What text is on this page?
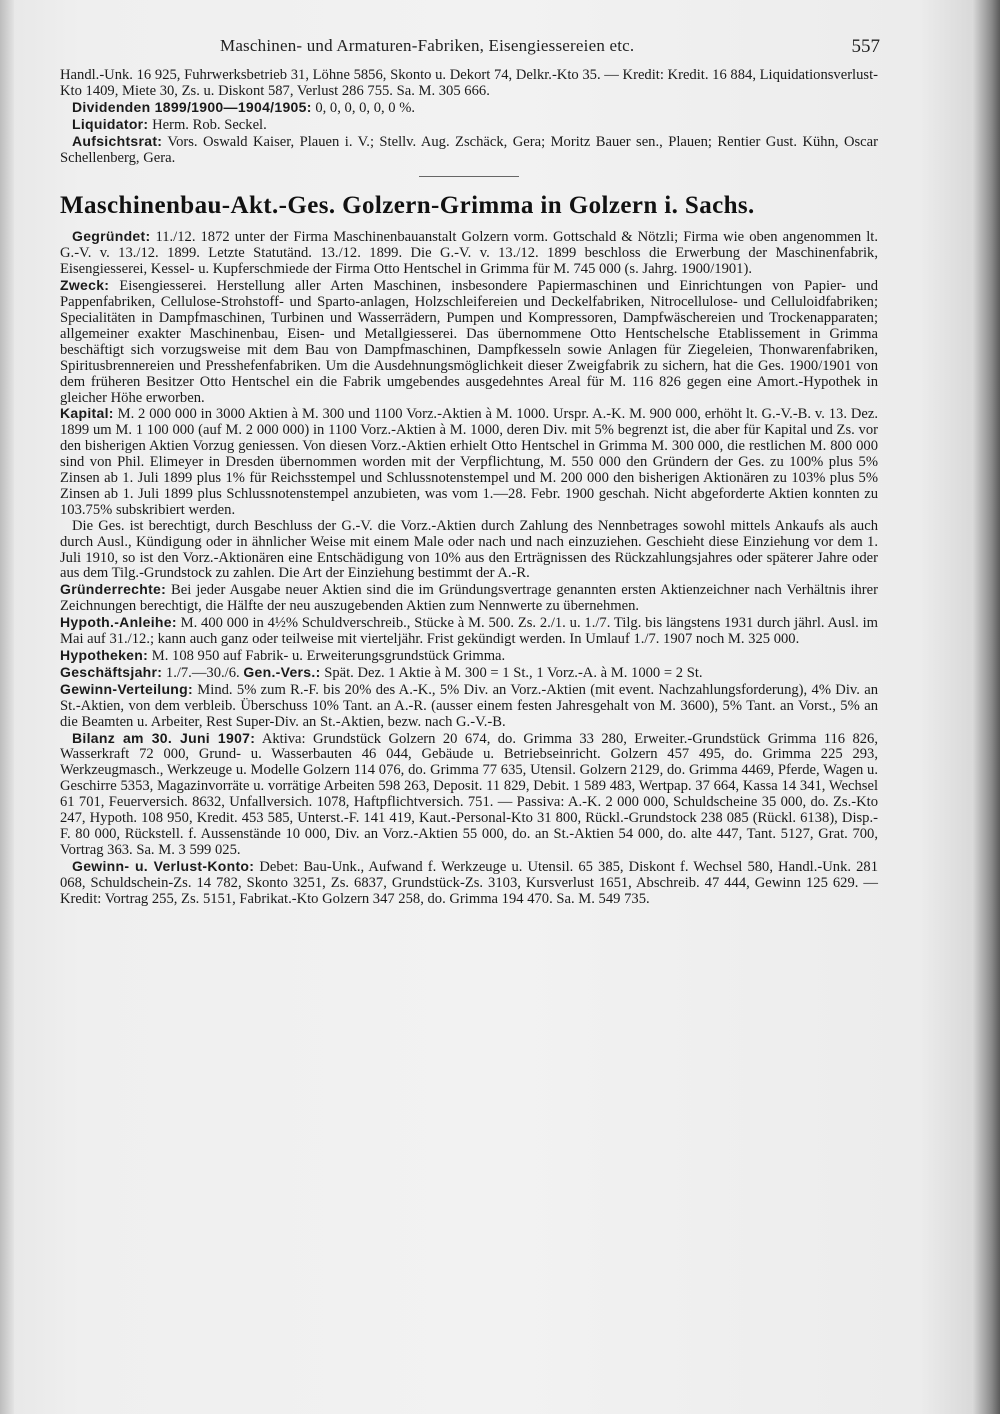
Maschinen- und Armaturen-Fabriken, Eisengiessereien etc.	557

Handl.-Unk. 16 925, Fuhrwerksbetrieb 31, Löhne 5856, Skonto u. Dekort 74, Delkr.-Kto 35. — Kredit: Kredit. 16 884, Liquidationsverlust-Kto 1409, Miete 30, Zs. u. Diskont 587, Verlust 286 755. Sa. M. 305 666.

Dividenden 1899/1900—1904/1905: 0, 0, 0, 0, 0, 0 %.

Liquidator: Herm. Rob. Seckel.

Aufsichtsrat: Vors. Oswald Kaiser, Plauen i. V.; Stellv. Aug. Zschäck, Gera; Moritz Bauer sen., Plauen; Rentier Gust. Kühn, Oscar Schellenberg, Gera.

Maschinenbau-Akt.-Ges. Golzern-Grimma in Golzern i. Sachs.

Gegründet: 11./12. 1872 unter der Firma Maschinenbauanstalt Golzern vorm. Gottschald & Nötzli; Firma wie oben angenommen lt. G.-V. v. 13./12. 1899. Letzte Statutänd. 13./12. 1899. Die G.-V. v. 13./12. 1899 beschloss die Erwerbung der Maschinenfabrik, Eisengiesserei, Kessel- u. Kupferschmiede der Firma Otto Hentschel in Grimma für M. 745 000 (s. Jahrg. 1900/1901).

Zweck: Eisengiesserei. Herstellung aller Arten Maschinen, insbesondere Papiermaschinen und Einrichtungen von Papier- und Pappenfabriken, Cellulose-Strohstoff- und Sparto-anlagen, Holzschleifereien und Deckelfabriken, Nitrocellulose- und Celluloidfabriken; Specialitäten in Dampfmaschinen, Turbinen und Wasserrädern, Pumpen und Kompressoren, Dampfwäschereien und Trockenapparaten; allgemeiner exakter Maschinenbau, Eisen- und Metallgiesserei. Das übernommene Otto Hentschelsche Etablissement in Grimma beschäftigt sich vorzugsweise mit dem Bau von Dampfmaschinen, Dampfkesseln sowie Anlagen für Ziegeleien, Thonwarenfabriken, Spiritusbrennereien und Presshefenfabriken. Um die Ausdehnungsmöglichkeit dieser Zweigfabrik zu sichern, hat die Ges. 1900/1901 von dem früheren Besitzer Otto Hentschel ein die Fabrik umgebendes ausgedehntes Areal für M. 116 826 gegen eine Amort.-Hypothek in gleicher Höhe erworben.

Kapital: M. 2 000 000 in 3000 Aktien à M. 300 und 1100 Vorz.-Aktien à M. 1000. Urspr. A.-K. M. 900 000, erhöht lt. G.-V.-B. v. 13. Dez. 1899 um M. 1 100 000 (auf M. 2 000 000) in 1100 Vorz.-Aktien à M. 1000, deren Div. mit 5% begrenzt ist, die aber für Kapital und Zs. vor den bisherigen Aktien Vorzug geniessen. Von diesen Vorz.-Aktien erhielt Otto Hentschel in Grimma M. 300 000, die restlichen M. 800 000 sind von Phil. Elimeyer in Dresden übernommen worden mit der Verpflichtung, M. 550 000 den Gründern der Ges. zu 100% plus 5% Zinsen ab 1. Juli 1899 plus 1% für Reichsstempel und Schlussnotenstempel und M. 200 000 den bisherigen Aktionären zu 103% plus 5% Zinsen ab 1. Juli 1899 plus Schlussnotenstempel anzubieten, was vom 1.—28. Febr. 1900 geschah. Nicht abgeforderte Aktien konnten zu 103.75% subskribiert werden.

Die Ges. ist berechtigt, durch Beschluss der G.-V. die Vorz.-Aktien durch Zahlung des Nennbetrages sowohl mittels Ankaufs als auch durch Ausl., Kündigung oder in ähnlicher Weise mit einem Male oder nach und nach einzuziehen. Geschieht diese Einziehung vor dem 1. Juli 1910, so ist den Vorz.-Aktionären eine Entschädigung von 10% aus den Erträgnissen des Rückzahlungsjahres oder späterer Jahre oder aus dem Tilg.-Grundstock zu zahlen. Die Art der Einziehung bestimmt der A.-R.

Gründerrechte: Bei jeder Ausgabe neuer Aktien sind die im Gründungsvertrage genannten ersten Aktienzeichner nach Verhältnis ihrer Zeichnungen berechtigt, die Hälfte der neu auszugebenden Aktien zum Nennwerte zu übernehmen.

Hypoth.-Anleihe: M. 400 000 in 4½% Schuldverschreib., Stücke à M. 500. Zs. 2./1. u. 1./7. Tilg. bis längstens 1931 durch jährl. Ausl. im Mai auf 31./12.; kann auch ganz oder teilweise mit vierteljähr. Frist gekündigt werden. In Umlauf 1./7. 1907 noch M. 325 000.

Hypotheken: M. 108 950 auf Fabrik- u. Erweiterungsgrundstück Grimma.

Geschäftsjahr: 1./7.—30./6. Gen.-Vers.: Spät. Dez. 1 Aktie à M. 300 = 1 St., 1 Vorz.-A. à M. 1000 = 2 St.

Gewinn-Verteilung: Mind. 5% zum R.-F. bis 20% des A.-K., 5% Div. an Vorz.-Aktien (mit event. Nachzahlungsforderung), 4% Div. an St.-Aktien, von dem verbleib. Überschuss 10% Tant. an A.-R. (ausser einem festen Jahresgehalt von M. 3600), 5% Tant. an Vorst., 5% an die Beamten u. Arbeiter, Rest Super-Div. an St.-Aktien, bezw. nach G.-V.-B.

Bilanz am 30. Juni 1907: Aktiva: Grundstück Golzern 20 674, do. Grimma 33 280, Erweiter.-Grundstück Grimma 116 826, Wasserkraft 72 000, Grund- u. Wasserbauten 46 044, Gebäude u. Betriebseinricht. Golzern 457 495, do. Grimma 225 293, Werkzeugmasch., Werkzeuge u. Modelle Golzern 114 076, do. Grimma 77 635, Utensil. Golzern 2129, do. Grimma 4469, Pferde, Wagen u. Geschirre 5353, Magazinvorräte u. vorrätige Arbeiten 598 263, Deposit. 11 829, Debit. 1 589 483, Wertpap. 37 664, Kassa 14 341, Wechsel 61 701, Feuerversich. 8632, Unfallversich. 1078, Haftpflichtversich. 751. — Passiva: A.-K. 2 000 000, Schuldscheine 35 000, do. Zs.-Kto 247, Hypoth. 108 950, Kredit. 453 585, Unterst.-F. 141 419, Kaut.-Personal-Kto 31 800, Rückl.-Grundstock 238 085 (Rückl. 6138), Disp.-F. 80 000, Rückstell. f. Aussenstände 10 000, Div. an Vorz.-Aktien 55 000, do. an St.-Aktien 54 000, do. alte 447, Tant. 5127, Grat. 700, Vortrag 363. Sa. M. 3 599 025.

Gewinn- u. Verlust-Konto: Debet: Bau-Unk., Aufwand f. Werkzeuge u. Utensil. 65 385, Diskont f. Wechsel 580, Handl.-Unk. 281 068, Schuldschein-Zs. 14 782, Skonto 3251, Zs. 6837, Grundstück-Zs. 3103, Kursverlust 1651, Abschreib. 47 444, Gewinn 125 629. — Kredit: Vortrag 255, Zs. 5151, Fabrikat.-Kto Golzern 347 258, do. Grimma 194 470. Sa. M. 549 735.
